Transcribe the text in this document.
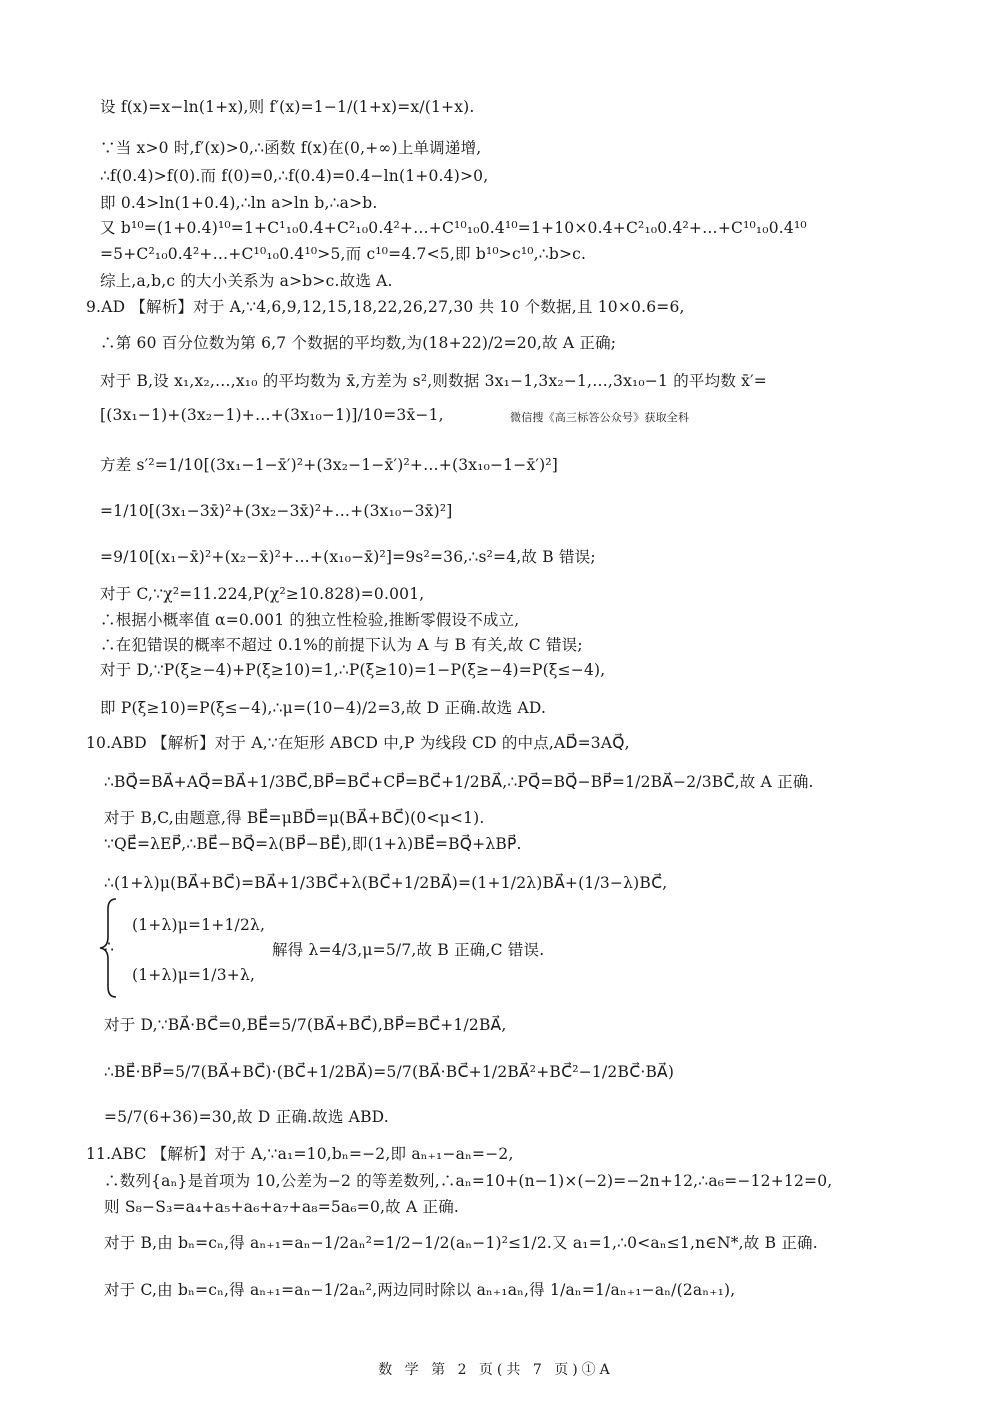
设 f(x)=x−ln(1+x),则 f′(x)=1−1/(1+x)=x/(1+x).
∵当 x>0 时,f′(x)>0,∴函数 f(x)在(0,+∞)上单调递增,
∴f(0.4)>f(0).而 f(0)=0,∴f(0.4)=0.4−ln(1+0.4)>0,
即 0.4>ln(1+0.4),∴ln a>ln b,∴a>b.
又 b¹⁰=(1+0.4)¹⁰=1+C¹₁₀0.4+C²₁₀0.4²+…+C¹⁰₁₀0.4¹⁰=1+10×0.4+C²₁₀0.4²+…+C¹⁰₁₀0.4¹⁰
=5+C²₁₀0.4²+…+C¹⁰₁₀0.4¹⁰>5,而 c¹⁰=4.7<5,即 b¹⁰>c¹⁰,∴b>c.
综上,a,b,c 的大小关系为 a>b>c.故选 A.
9.AD 【解析】对于 A,∵4,6,9,12,15,18,22,26,27,30 共 10 个数据,且 10×0.6=6,
∴第 60 百分位数为第 6,7 个数据的平均数,为(18+22)/2=20,故 A 正确;
对于 B,设 x₁,x₂,…,x₁₀ 的平均数为 x̄,方差为 s²,则数据 3x₁−1,3x₂−1,…,3x₁₀−1 的平均数 x̄′=
[(3x₁−1)+(3x₂−1)+…+(3x₁₀−1)]/10=3x̄−1,	微信搜《高三标答公众号》获取全科
方差 s′²=1/10[(3x₁−1−x̄′)²+(3x₂−1−x̄′)²+…+(3x₁₀−1−x̄′)²]
=1/10[(3x₁−3x̄)²+(3x₂−3x̄)²+…+(3x₁₀−3x̄)²]
=9/10[(x₁−x̄)²+(x₂−x̄)²+…+(x₁₀−x̄)²]=9s²=36,∴s²=4,故 B 错误;
对于 C,∵χ²=11.224,P(χ²≥10.828)=0.001,
∴根据小概率值 α=0.001 的独立性检验,推断零假设不成立,
∴在犯错误的概率不超过 0.1%的前提下认为 A 与 B 有关,故 C 错误;
对于 D,∵P(ξ≥−4)+P(ξ≥10)=1,∴P(ξ≥10)=1−P(ξ≥−4)=P(ξ≤−4),
即 P(ξ≥10)=P(ξ≤−4),∴μ=(10−4)/2=3,故 D 正确.故选 AD.
10.ABD 【解析】对于 A,∵在矩形 ABCD 中,P 为线段 CD 的中点,AD⃗=3AQ⃗,
∴BQ⃗=BA⃗+AQ⃗=BA⃗+1/3BC⃗,BP⃗=BC⃗+CP⃗=BC⃗+1/2BA⃗,∴PQ⃗=BQ⃗−BP⃗=1/2BA⃗−2/3BC⃗,故 A 正确.
对于 B,C,由题意,得 BE⃗=μBD⃗=μ(BA⃗+BC⃗)(0<μ<1).
∵QE⃗=λEP⃗,∴BE⃗−BQ⃗=λ(BP⃗−BE⃗),即(1+λ)BE⃗=BQ⃗+λBP⃗.
∴(1+λ)μ(BA⃗+BC⃗)=BA⃗+1/3BC⃗+λ(BC⃗+1/2BA⃗)=(1+1/2λ)BA⃗+(1/3−λ)BC⃗,
∴
(1+λ)μ=1+1/2λ,
解得 λ=4/3,μ=5/7,故 B 正确,C 错误.
(1+λ)μ=1/3+λ,
对于 D,∵BA⃗·BC⃗=0,BE⃗=5/7(BA⃗+BC⃗),BP⃗=BC⃗+1/2BA⃗,
∴BE⃗·BP⃗=5/7(BA⃗+BC⃗)·(BC⃗+1/2BA⃗)=5/7(BA⃗·BC⃗+1/2BA⃗²+BC⃗²−1/2BC⃗·BA⃗)
=5/7(6+36)=30,故 D 正确.故选 ABD.
11.ABC 【解析】对于 A,∵a₁=10,bₙ=−2,即 aₙ₊₁−aₙ=−2,
∴数列{aₙ}是首项为 10,公差为−2 的等差数列,∴aₙ=10+(n−1)×(−2)=−2n+12,∴a₆=−12+12=0,
则 S₈−S₃=a₄+a₅+a₆+a₇+a₈=5a₆=0,故 A 正确.
对于 B,由 bₙ=cₙ,得 aₙ₊₁=aₙ−1/2aₙ²=1/2−1/2(aₙ−1)²≤1/2.又 a₁=1,∴0<aₙ≤1,n∈N*,故 B 正确.
对于 C,由 bₙ=cₙ,得 aₙ₊₁=aₙ−1/2aₙ²,两边同时除以 aₙ₊₁aₙ,得 1/aₙ=1/aₙ₊₁−aₙ/(2aₙ₊₁),
数 学 第 2 页(共 7 页)①A
